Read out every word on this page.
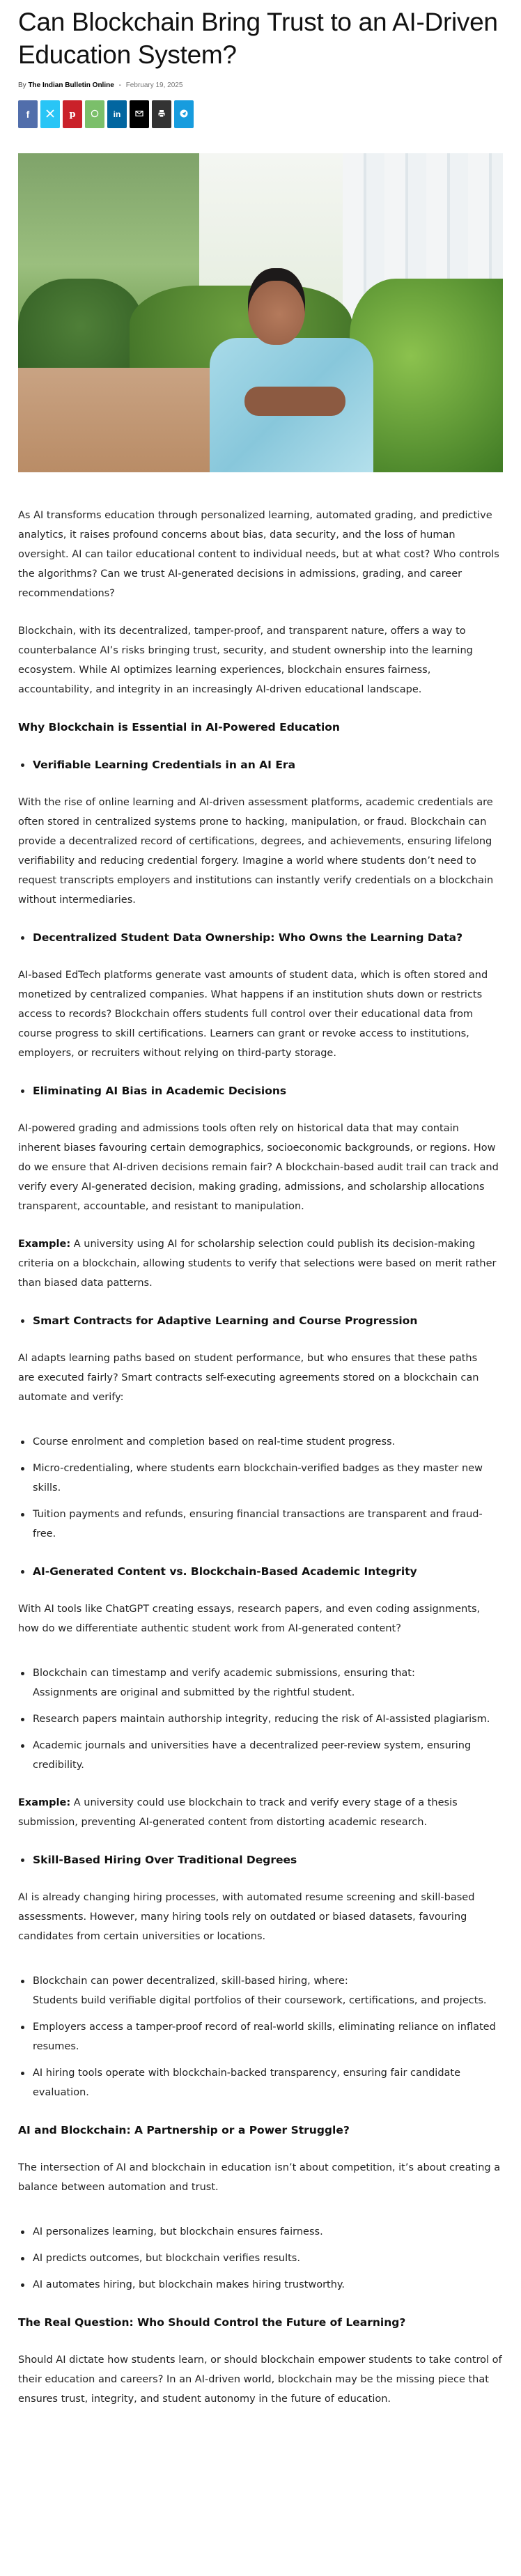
Can Blockchain Bring Trust to an AI-Driven Education System?
By The Indian Bulletin Online - February 19, 2025
f	p	in

As AI transforms education through personalized learning, automated grading, and predictive analytics, it raises profound concerns about bias, data security, and the loss of human oversight. AI can tailor educational content to individual needs, but at what cost? Who controls the algorithms? Can we trust AI-generated decisions in admissions, grading, and career recommendations?

Blockchain, with its decentralized, tamper-proof, and transparent nature, offers a way to counterbalance AI’s risks bringing trust, security, and student ownership into the learning ecosystem. While AI optimizes learning experiences, blockchain ensures fairness, accountability, and integrity in an increasingly AI-driven educational landscape.

Why Blockchain is Essential in AI-Powered Education
Verifiable Learning Credentials in an AI Era

With the rise of online learning and AI-driven assessment platforms, academic credentials are often stored in centralized systems prone to hacking, manipulation, or fraud. Blockchain can provide a decentralized record of certifications, degrees, and achievements, ensuring lifelong verifiability and reducing credential forgery. Imagine a world where students don’t need to request transcripts employers and institutions can instantly verify credentials on a blockchain without intermediaries.

Decentralized Student Data Ownership: Who Owns the Learning Data?

AI-based EdTech platforms generate vast amounts of student data, which is often stored and monetized by centralized companies. What happens if an institution shuts down or restricts access to records? Blockchain offers students full control over their educational data from course progress to skill certifications. Learners can grant or revoke access to institutions, employers, or recruiters without relying on third-party storage.

Eliminating AI Bias in Academic Decisions

AI-powered grading and admissions tools often rely on historical data that may contain inherent biases favouring certain demographics, socioeconomic backgrounds, or regions. How do we ensure that AI-driven decisions remain fair? A blockchain-based audit trail can track and verify every AI-generated decision, making grading, admissions, and scholarship allocations transparent, accountable, and resistant to manipulation.

Example: A university using AI for scholarship selection could publish its decision-making criteria on a blockchain, allowing students to verify that selections were based on merit rather than biased data patterns.

Smart Contracts for Adaptive Learning and Course Progression

AI adapts learning paths based on student performance, but who ensures that these pathsare executed fairly? Smart contracts self-executing agreements stored on a blockchain can automate and verify:

Course enrolment and completion based on real-time student progress.
Micro-credentialing, where students earn blockchain-verified badges as they master new skills.
Tuition payments and refunds, ensuring financial transactions are transparent and fraud-free.
AI-Generated Content vs. Blockchain-Based Academic Integrity

With AI tools like ChatGPT creating essays, research papers, and even coding assignments, how do we differentiate authentic student work from AI-generated content?

Blockchain can timestamp and verify academic submissions, ensuring that:
Assignments are original and submitted by the rightful student.
Research papers maintain authorship integrity, reducing the risk of AI-assisted plagiarism.
Academic journals and universities have a decentralized peer-review system, ensuring credibility.

Example: A university could use blockchain to track and verify every stage of a thesissubmission, preventing AI-generated content from distorting academic research.

Skill-Based Hiring Over Traditional Degrees

AI is already changing hiring processes, with automated resume screening and skill-based assessments. However, many hiring tools rely on outdated or biased datasets, favouring candidates from certain universities or locations.

Blockchain can power decentralized, skill-based hiring, where:
Students build verifiable digital portfolios of their coursework, certifications, and projects.
Employers access a tamper-proof record of real-world skills, eliminating reliance on inflated resumes.
AI hiring tools operate with blockchain-backed transparency, ensuring fair candidate evaluation.
AI and Blockchain: A Partnership or a Power Struggle?

The intersection of AI and blockchain in education isn’t about competition, it’s about creating a balance between automation and trust.

AI personalizes learning, but blockchain ensures fairness.
AI predicts outcomes, but blockchain verifies results.
AI automates hiring, but blockchain makes hiring trustworthy.
The Real Question: Who Should Control the Future of Learning?

Should AI dictate how students learn, or should blockchain empower students to take control of their education and careers? In an AI-driven world, blockchain may be the missing piece that ensures trust, integrity, and student autonomy in the future of education.
